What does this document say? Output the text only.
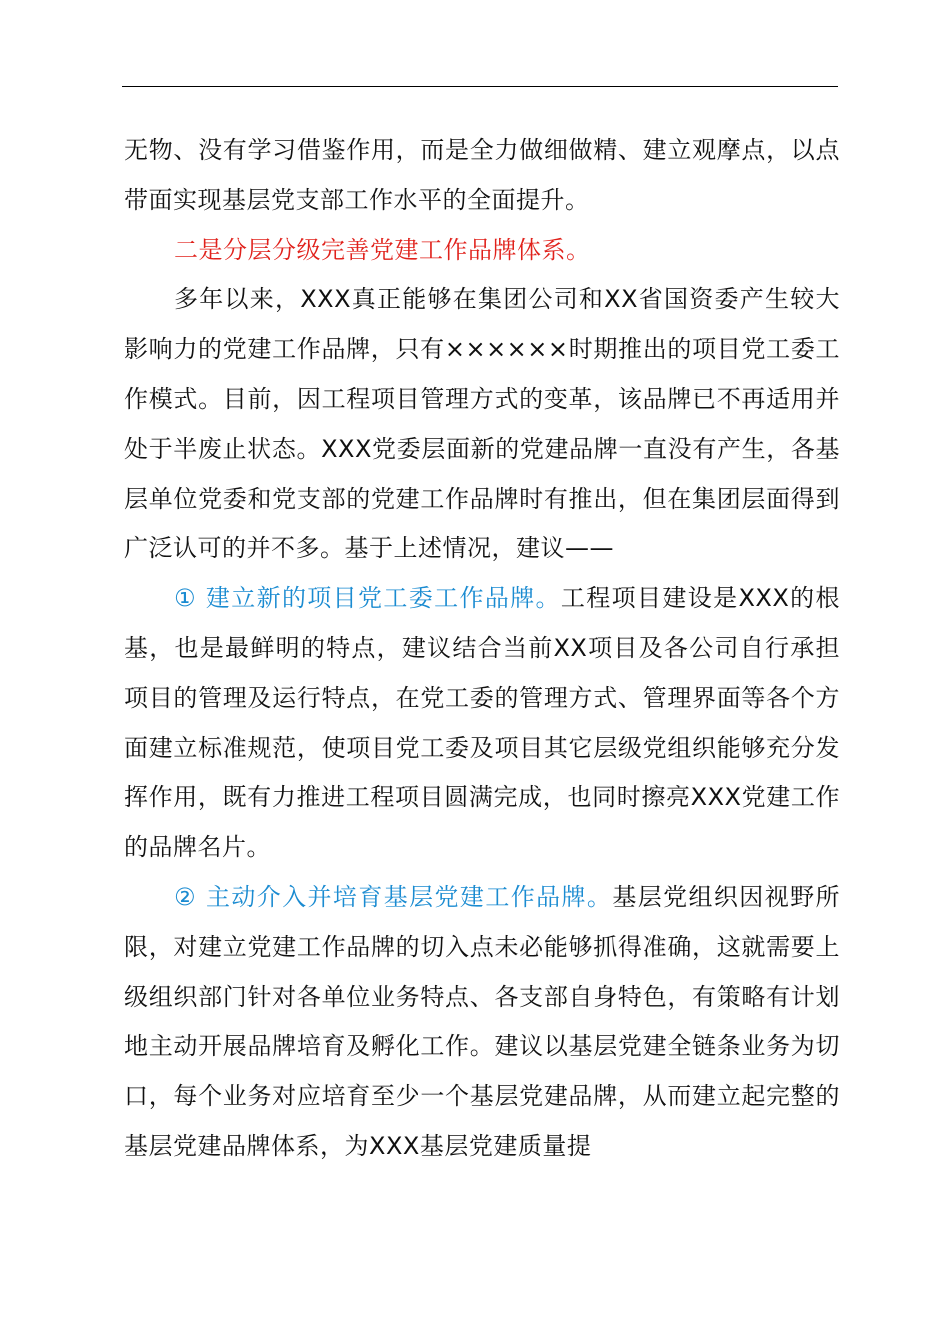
无物、没有学习借鉴作用，而是全力做细做精、建立观摩点，以点带面实现基层党支部工作水平的全面提升。

二是分层分级完善党建工作品牌体系。

多年以来，XXX真正能够在集团公司和XX省国资委产生较大影响力的党建工作品牌，只有××××××时期推出的项目党工委工作模式。目前，因工程项目管理方式的变革，该品牌已不再适用并处于半废止状态。XXX党委层面新的党建品牌一直没有产生，各基层单位党委和党支部的党建工作品牌时有推出，但在集团层面得到广泛认可的并不多。基于上述情况，建议——

① 建立新的项目党工委工作品牌。工程项目建设是XXX的根基，也是最鲜明的特点，建议结合当前XX项目及各公司自行承担项目的管理及运行特点，在党工委的管理方式、管理界面等各个方面建立标准规范，使项目党工委及项目其它层级党组织能够充分发挥作用，既有力推进工程项目圆满完成，也同时擦亮XXX党建工作的品牌名片。

② 主动介入并培育基层党建工作品牌。基层党组织因视野所限，对建立党建工作品牌的切入点未必能够抓得准确，这就需要上级组织部门针对各单位业务特点、各支部自身特色，有策略有计划地主动开展品牌培育及孵化工作。建议以基层党建全链条业务为切口，每个业务对应培育至少一个基层党建品牌，从而建立起完整的基层党建品牌体系，为XXX基层党建质量提
